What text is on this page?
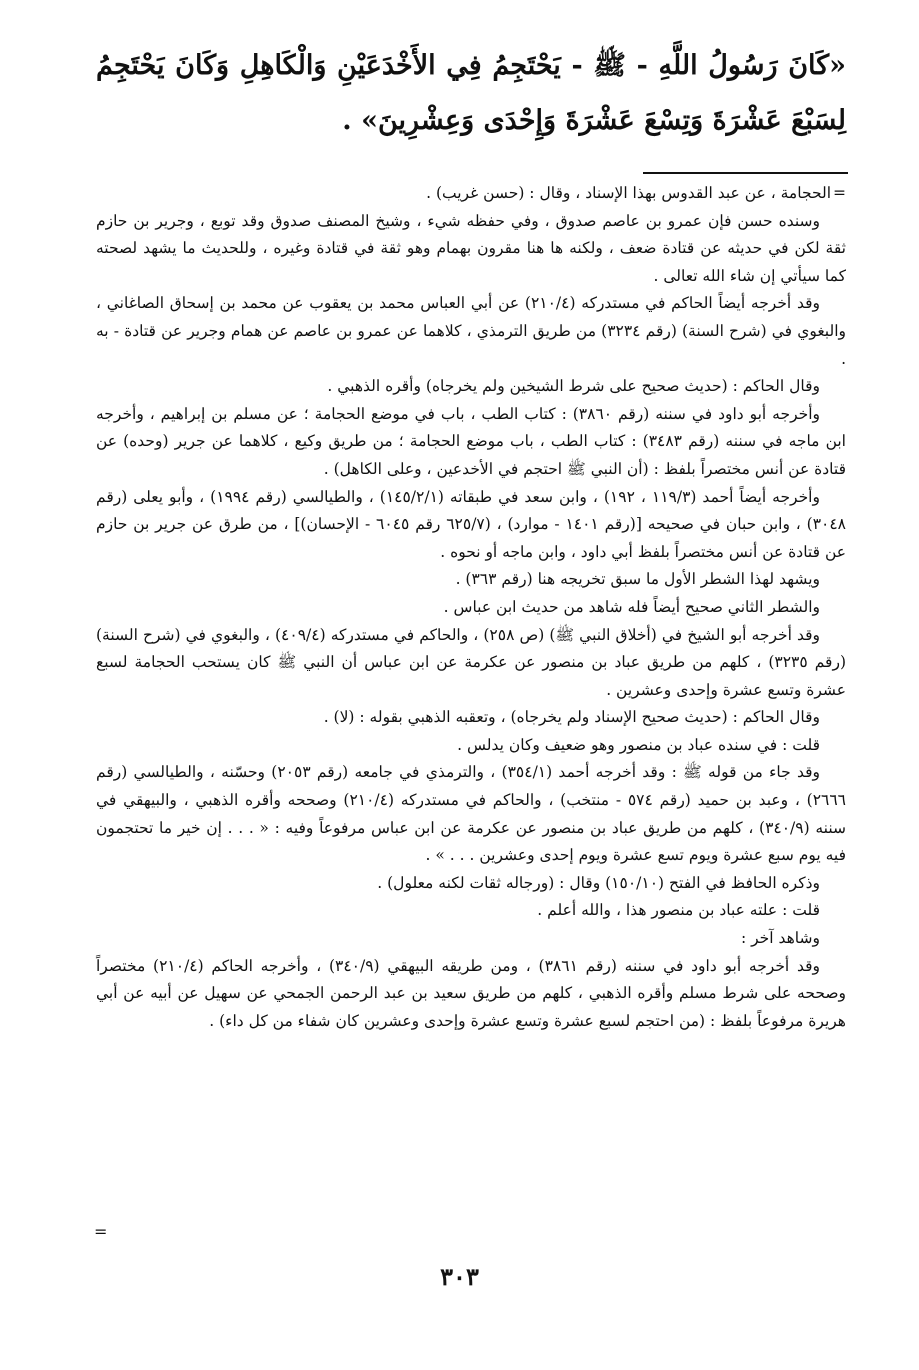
«كَانَ رَسُولُ اللَّهِ - ﷺ - يَحْتَجِمُ فِي الأَخْدَعَيْنِ وَالْكَاهِلِ وَكَانَ يَحْتَجِمُ لِسَبْعَ عَشْرَةَ وَتِسْعَ عَشْرَةَ وَإِحْدَى وَعِشْرِينَ» .

=الحجامة ، عن عبد القدوس بهذا الإسناد ، وقال : (حسن غريب) .

وسنده حسن فإن عمرو بن عاصم صدوق ، وفي حفظه شيء ، وشيخ المصنف صدوق وقد توبع ، وجرير بن حازم ثقة لكن في حديثه عن قتادة ضعف ، ولكنه ها هنا مقرون بهمام وهو ثقة في قتادة وغيره ، وللحديث ما يشهد لصحته كما سيأتي إن شاء الله تعالى .

وقد أخرجه أيضاً الحاكم في مستدركه (٢١٠/٤) عن أبي العباس محمد بن يعقوب عن محمد بن إسحاق الصاغاني ، والبغوي في (شرح السنة) (رقم ٣٢٣٤) من طريق الترمذي ، كلاهما عن عمرو بن عاصم عن همام وجرير عن قتادة - به .

وقال الحاكم : (حديث صحيح على شرط الشيخين ولم يخرجاه) وأقره الذهبي .

وأخرجه أبو داود في سننه (رقم ٣٨٦٠) : كتاب الطب ، باب في موضع الحجامة ؛ عن مسلم بن إبراهيم ، وأخرجه ابن ماجه في سننه (رقم ٣٤٨٣) : كتاب الطب ، باب موضع الحجامة ؛ من طريق وكيع ، كلاهما عن جرير (وحده) عن قتادة عن أنس مختصراً بلفظ : (أن النبي ﷺ احتجم في الأخدعين ، وعلى الكاهل) .

وأخرجه أيضاً أحمد (١١٩/٣ ، ١٩٢) ، وابن سعد في طبقاته (١٤٥/٢/١) ، والطيالسي (رقم ١٩٩٤) ، وأبو يعلى (رقم ٣٠٤٨) ، وابن حبان في صحيحه [(رقم ١٤٠١ - موارد) ، (٦٢٥/٧ رقم ٦٠٤٥ - الإحسان)] ، من طرق عن جرير بن حازم عن قتادة عن أنس مختصراً بلفظ أبي داود ، وابن ماجه أو نحوه .

ويشهد لهذا الشطر الأول ما سبق تخريجه هنا (رقم ٣٦٣) .

والشطر الثاني صحيح أيضاً فله شاهد من حديث ابن عباس .

وقد أخرجه أبو الشيخ في (أخلاق النبي ﷺ) (ص ٢٥٨) ، والحاكم في مستدركه (٤٠٩/٤) ، والبغوي في (شرح السنة) (رقم ٣٢٣٥) ، كلهم من طريق عباد بن منصور عن عكرمة عن ابن عباس أن النبي ﷺ كان يستحب الحجامة لسبع عشرة وتسع عشرة وإحدى وعشرين .

وقال الحاكم : (حديث صحيح الإسناد ولم يخرجاه) ، وتعقبه الذهبي بقوله : (لا) .

قلت : في سنده عباد بن منصور وهو ضعيف وكان يدلس .

وقد جاء من قوله ﷺ : وقد أخرجه أحمد (٣٥٤/١) ، والترمذي في جامعه (رقم ٢٠٥٣) وحسّنه ، والطيالسي (رقم ٢٦٦٦) ، وعبد بن حميد (رقم ٥٧٤ - منتخب) ، والحاكم في مستدركه (٢١٠/٤) وصححه وأقره الذهبي ، والبيهقي في سننه (٣٤٠/٩) ، كلهم من طريق عباد بن منصور عن عكرمة عن ابن عباس مرفوعاً وفيه : « . . . إن خير ما تحتجمون فيه يوم سبع عشرة ويوم تسع عشرة ويوم إحدى وعشرين . . . » .

وذكره الحافظ في الفتح (١٥٠/١٠) وقال : (ورجاله ثقات لكنه معلول) .

قلت : علته عباد بن منصور هذا ، والله أعلم .

وشاهد آخر :

وقد أخرجه أبو داود في سننه (رقم ٣٨٦١) ، ومن طريقه البيهقي (٣٤٠/٩) ، وأخرجه الحاكم (٢١٠/٤) مختصراً وصححه على شرط مسلم وأقره الذهبي ، كلهم من طريق سعيد بن عبد الرحمن الجمحي عن سهيل عن أبيه عن أبي هريرة مرفوعاً بلفظ : (من احتجم لسبع عشرة وتسع عشرة وإحدى وعشرين كان شفاء من كل داء) .

=
٣٠٣
